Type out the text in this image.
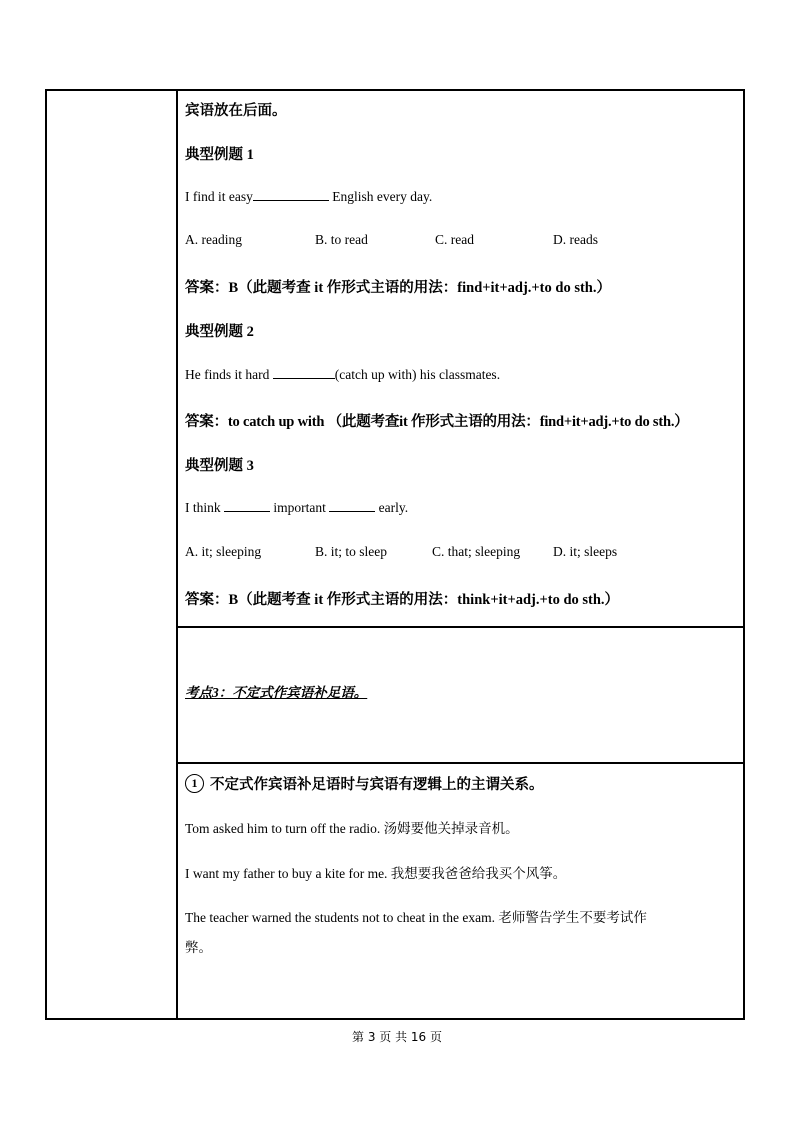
宾语放在后面。
典型例题 1
I find it easy	English every day.
A. reading	B. to read	C. read	D. reads
答案：B（此题考查 it 作形式主语的用法：find+it+adj.+to do sth.）
典型例题 2
He finds it hard	(catch up with) his classmates.
答案：to catch up with （此题考查it 作形式主语的用法：find+it+adj.+to do sth.）
典型例题 3
I think	important	early.
A. it; sleeping	B. it; to sleep	C. that; sleeping D. it; sleeps
答案：B（此题考查 it 作形式主语的用法：think+it+adj.+to do sth.）
考点3：不定式作宾语补足语。
1 不定式作宾语补足语时与宾语有逻辑上的主谓关系。
Tom asked him to turn off the radio. 汤姆要他关掉录音机。
I want my father to buy a kite for me. 我想要我爸爸给我买个风筝。
The teacher warned the students not to cheat in the exam. 老师警告学生不要考试作
弊。
第 3 页 共 16 页
